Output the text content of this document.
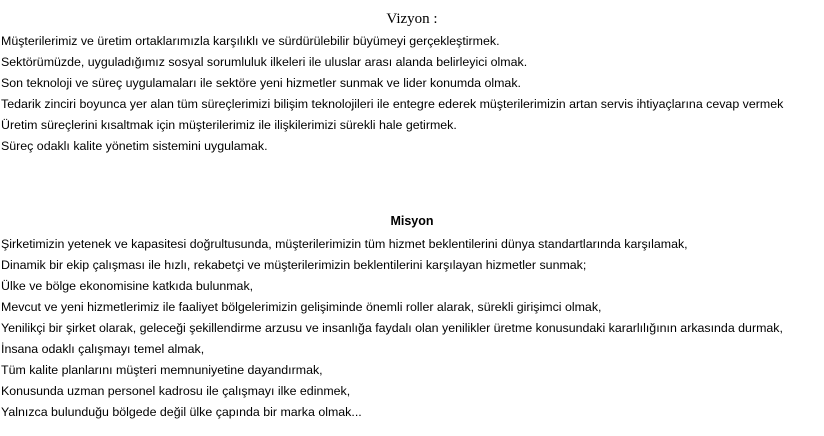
Vizyon :
Müşterilerimiz ve üretim ortaklarımızla karşılıklı ve sürdürülebilir büyümeyi gerçekleştirmek.
Sektörümüzde, uyguladığımız sosyal sorumluluk ilkeleri ile uluslar arası alanda belirleyici olmak.
Son teknoloji ve süreç uygulamaları ile sektöre yeni hizmetler sunmak ve lider konumda olmak.
Tedarik zinciri boyunca yer alan tüm süreçlerimizi bilişim teknolojileri ile entegre ederek müşterilerimizin artan servis ihtiyaçlarına cevap vermek
Üretim süreçlerini kısaltmak için müşterilerimiz ile ilişkilerimizi sürekli hale getirmek.
Süreç odaklı kalite yönetim sistemini uygulamak.
Misyon
Şirketimizin yetenek ve kapasitesi doğrultusunda, müşterilerimizin tüm hizmet beklentilerini dünya standartlarında karşılamak,
Dinamik bir ekip çalışması ile hızlı, rekabetçi ve müşterilerimizin beklentilerini karşılayan hizmetler sunmak;
Ülke ve bölge ekonomisine katkıda bulunmak,
Mevcut ve yeni hizmetlerimiz ile faaliyet bölgelerimizin gelişiminde önemli roller alarak, sürekli girişimci olmak,
Yenilikçi bir şirket olarak, geleceği şekillendirme arzusu ve insanlığa faydalı olan yenilikler üretme konusundaki kararlılığının arkasında durmak,
İnsana odaklı çalışmayı temel almak,
Tüm kalite planlarını müşteri memnuniyetine dayandırmak,
Konusunda uzman personel kadrosu ile çalışmayı ilke edinmek,
Yalnızca bulunduğu bölgede değil ülke çapında bir marka olmak...
